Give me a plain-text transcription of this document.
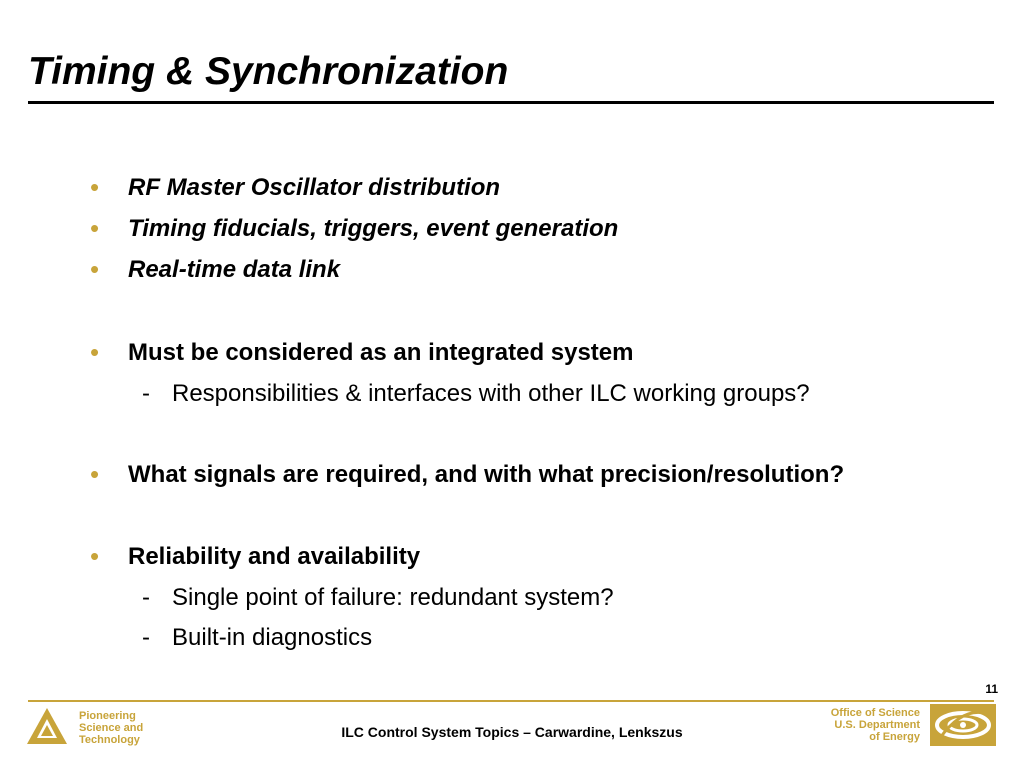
Timing & Synchronization
• RF Master Oscillator distribution
• Timing fiducials, triggers, event generation
• Real-time data link
• Must be considered as an integrated system
- Responsibilities & interfaces with other ILC working groups?
• What signals are required, and with what precision/resolution?
• Reliability and availability
- Single point of failure: redundant system?
- Built-in diagnostics
11
Pioneering
Science and
Technology	ILC Control System Topics – Carwardine, Lenkszus
Office of Science
U.S. Department
of Energy
